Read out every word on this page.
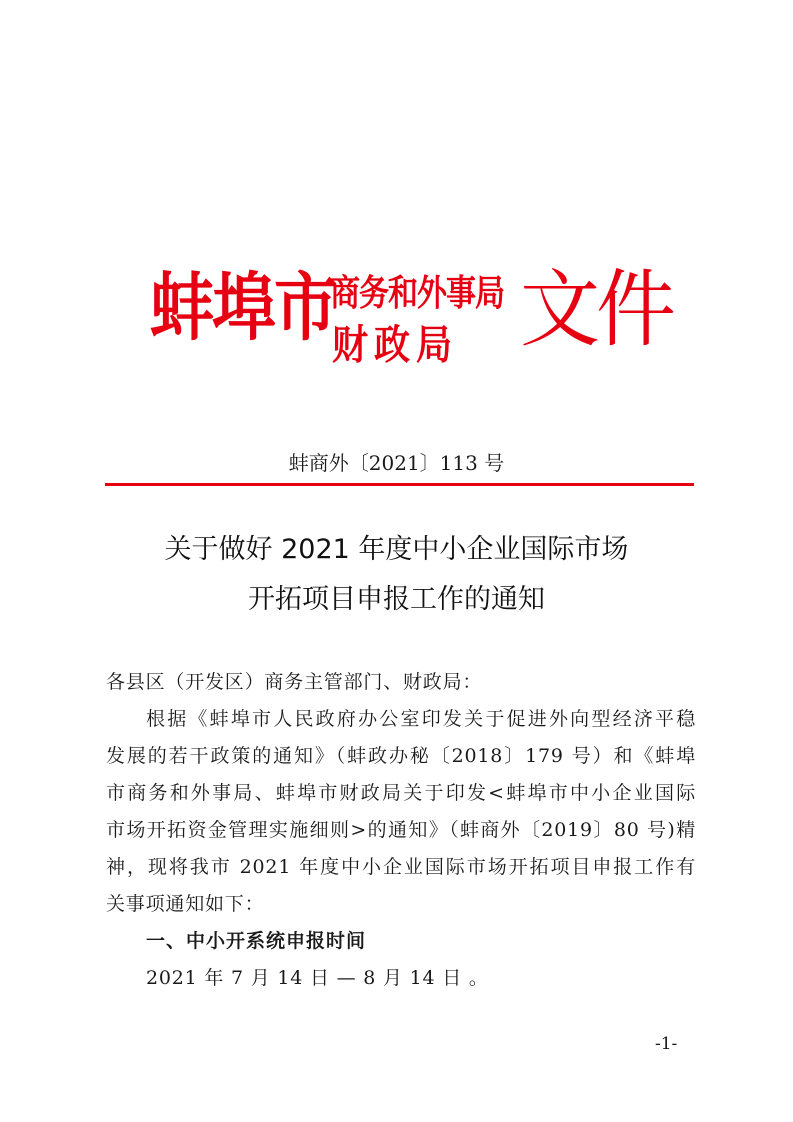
蚌埠市
商务和外事局
财政局 文件
蚌商外〔2021〕113 号
关于做好 2021 年度中小企业国际市场
开拓项目申报工作的通知
各县区（开发区）商务主管部门、财政局：
根据《蚌埠市人民政府办公室印发关于促进外向型经济平稳
发展的若干政策的通知》（蚌政办秘〔2018〕179 号）和《蚌埠
市商务和外事局、蚌埠市财政局关于印发<蚌埠市中小企业国际
市场开拓资金管理实施细则>的通知》（蚌商外〔2019〕80 号)精
神，现将我市 2021 年度中小企业国际市场开拓项目申报工作有
关事项通知如下：
一、中小开系统申报时间
2021 年 7 月 14 日 — 8 月 14 日 。
-1-
